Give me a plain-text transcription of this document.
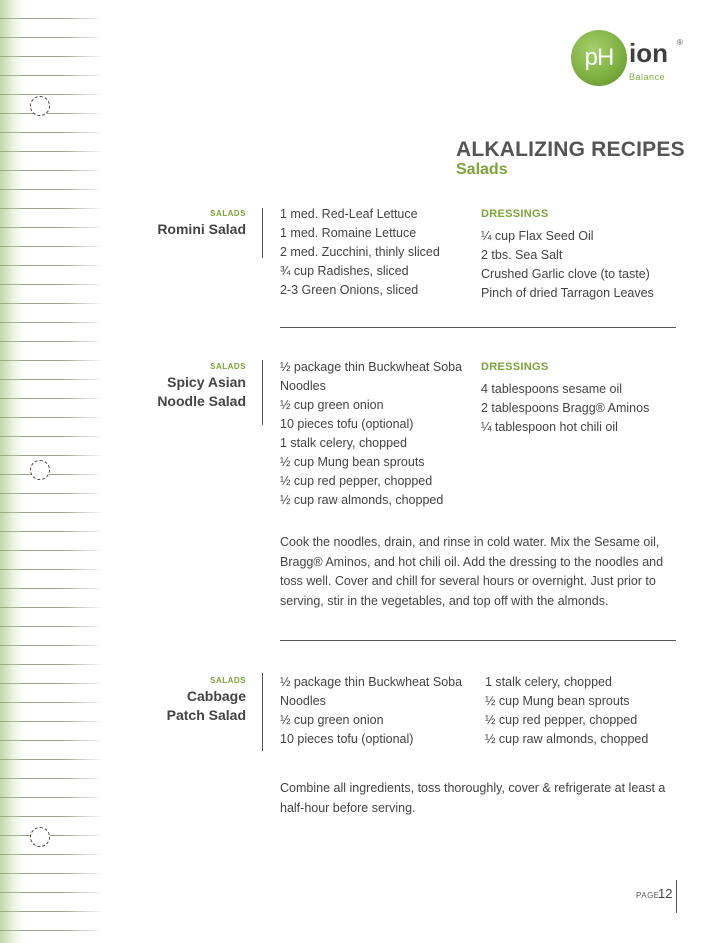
pH ion ®
Balance
ALKALIZING RECIPES
Salads
SALADS
Romini Salad
1 med. Red-Leaf Lettuce
1 med. Romaine Lettuce
2 med. Zucchini, thinly sliced
¾ cup Radishes, sliced
2-3 Green Onions, sliced
DRESSINGS
¼ cup Flax Seed Oil
2 tbs. Sea Salt
Crushed Garlic clove (to taste)
Pinch of dried Tarragon Leaves
SALADS
Spicy Asian
Noodle Salad
½ package thin Buckwheat Soba
Noodles
½ cup green onion
10 pieces tofu (optional)
1 stalk celery, chopped
½ cup Mung bean sprouts
½ cup red pepper, chopped
½ cup raw almonds, chopped
DRESSINGS
4 tablespoons sesame oil
2 tablespoons Bragg® Aminos
¼ tablespoon hot chili oil
Cook the noodles, drain, and rinse in cold water. Mix the Sesame oil,
Bragg® Aminos, and hot chili oil. Add the dressing to the noodles and
toss well. Cover and chill for several hours or overnight. Just prior to
serving, stir in the vegetables, and top off with the almonds.
SALADS
Cabbage
Patch Salad
½ package thin Buckwheat Soba
Noodles
½ cup green onion
10 pieces tofu (optional)
1 stalk celery, chopped
½ cup Mung bean sprouts
½ cup red pepper, chopped
½ cup raw almonds, chopped
Combine all ingredients, toss thoroughly, cover & refrigerate at least a
half-hour before serving.
PAGE
12
